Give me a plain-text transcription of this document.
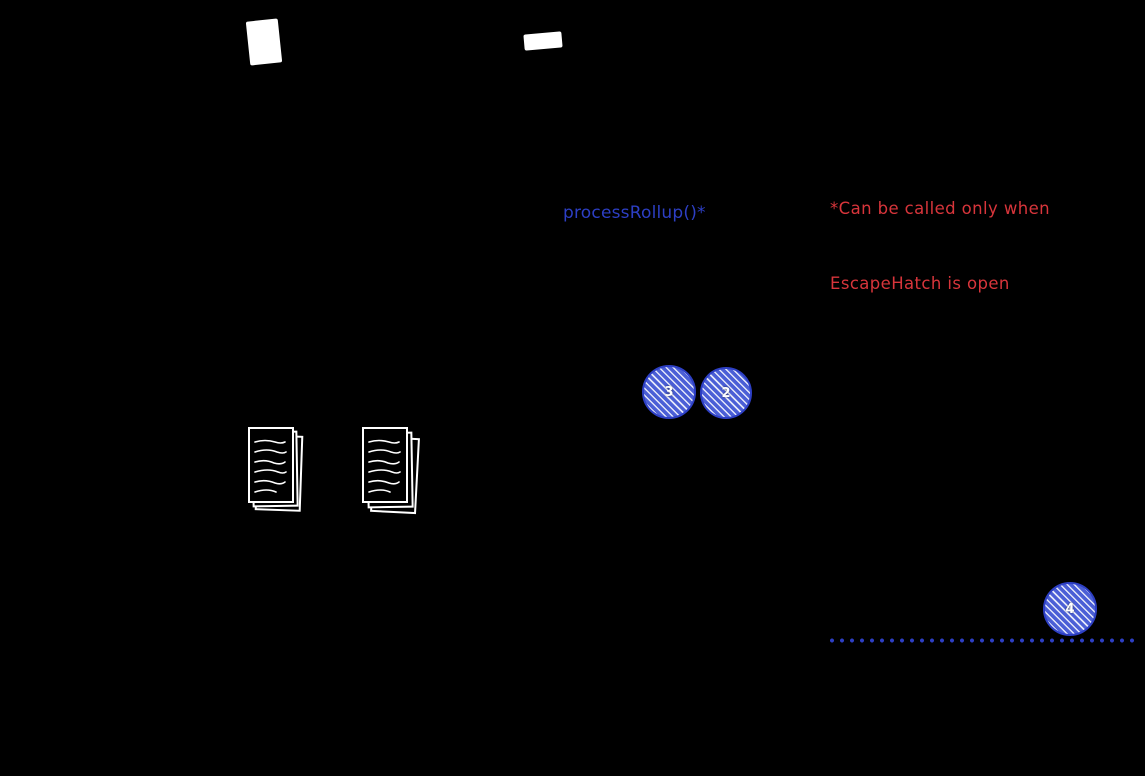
*Can be called only when

EscapeHatch is open

processRollup()*
3	2
4
